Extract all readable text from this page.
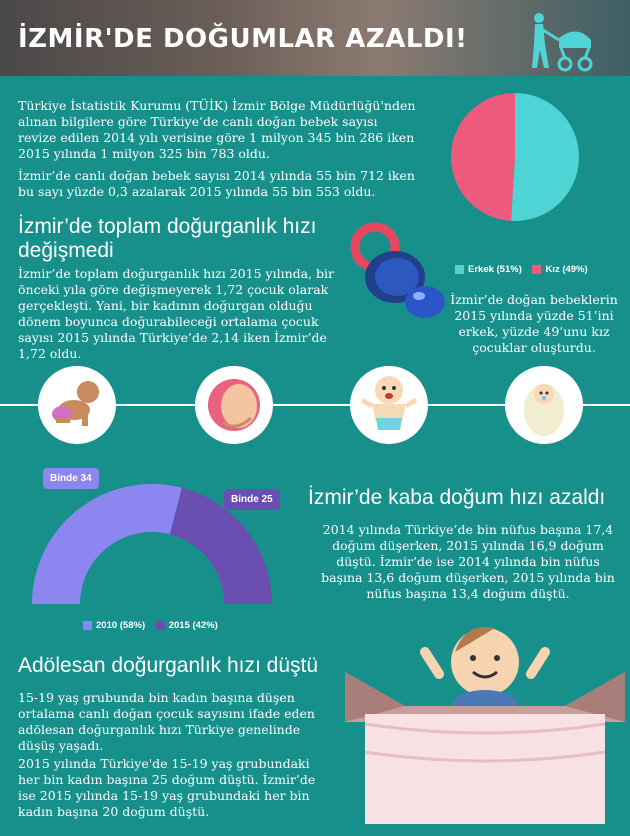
İZMİR'DE DOĞUMLAR AZALDI!
Türkiye İstatistik Kurumu (TÜİK) İzmir Bölge Müdürlüğü'nden alınan bilgilere göre Türkiye’de canlı doğan bebek sayısı revize edilen 2014 yılı verisine göre 1 milyon 345 bin 286 iken 2015 yılında 1 milyon 325 bin 783 oldu.
İzmir’de canlı doğan bebek sayısı 2014 yılında 55 bin 712 iken bu sayı yüzde 0,3 azalarak 2015 yılında 55 bin 553 oldu.
Erkek (51%) Kız (49%)
İzmir’de toplam doğurganlık hızı değişmedi
İzmir’de toplam doğurganlık hızı 2015 yılında, bir önceki yıla göre değişmeyerek 1,72 çocuk olarak gerçekleşti. Yani, bir kadının doğurgan olduğu dönem boyunca doğurabileceği ortalama çocuk sayısı 2015 yılında Türkiye’de 2,14 iken İzmir’de 1,72 oldu.
İzmir’de doğan bebeklerin 2015 yılında yüzde 51’ini erkek, yüzde 49’unu kız çocuklar oluşturdu.
Binde 34
Binde 25
2010 (58%) 2015 (42%)
İzmir’de kaba doğum hızı azaldı
2014 yılında Türkiye’de bin nüfus başına 17,4 doğum düşerken, 2015 yılında 16,9 doğum düştü. İzmir’de ise 2014 yılında bin nüfus başına 13,6 doğum düşerken, 2015 yılında bin nüfus başına 13,4 doğum düştü.
Adölesan doğurganlık hızı düştü
15-19 yaş grubunda bin kadın başına düşen ortalama canlı doğan çocuk sayısını ifade eden adölesan doğurganlık hızı Türkiye genelinde düşüş yaşadı.
2015 yılında Türkiye'de 15-19 yaş grubundaki her bin kadın başına 25 doğum düştü. İzmir’de ise 2015 yılında 15-19 yaş grubundaki her bin kadın başına 20 doğum düştü.
